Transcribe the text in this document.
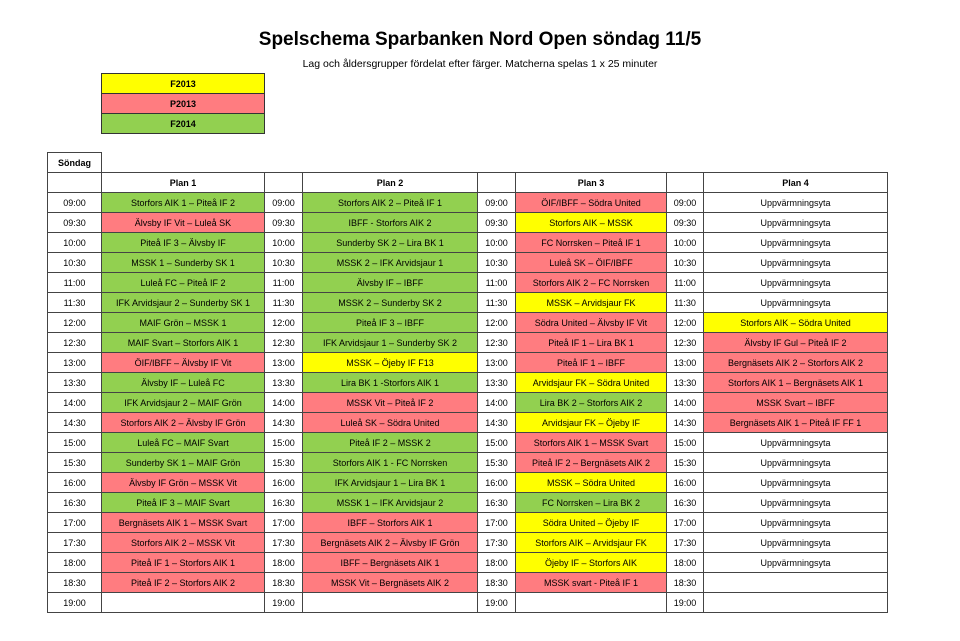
Spelschema Sparbanken Nord Open söndag 11/5
Lag och åldersgrupper fördelat efter färger. Matcherna spelas 1 x 25 minuter
F2013
P2013
F2014
Söndag							
	Plan 1		Plan 2		Plan 3		Plan 4
09:00	Storfors AIK 1 – Piteå IF 2	09:00	Storfors AIK 2 – Piteå IF 1	09:00	ÖIF/IBFF – Södra United	09:00	Uppvärmningsyta
09:30	Älvsby IF Vit – Luleå SK	09:30	IBFF - Storfors AIK 2	09:30	Storfors AIK – MSSK	09:30	Uppvärmningsyta
10:00	Piteå IF 3 – Älvsby IF	10:00	Sunderby SK 2 – Lira BK 1	10:00	FC Norrsken – Piteå IF 1	10:00	Uppvärmningsyta
10:30	MSSK 1 – Sunderby SK 1	10:30	MSSK 2 – IFK Arvidsjaur 1	10:30	Luleå SK – ÖIF/IBFF	10:30	Uppvärmningsyta
11:00	Luleå FC – Piteå IF 2	11:00	Älvsby IF – IBFF	11:00	Storfors AIK 2 – FC Norrsken	11:00	Uppvärmningsyta
11:30	IFK Arvidsjaur 2 – Sunderby SK 1	11:30	MSSK 2 – Sunderby SK 2	11:30	MSSK – Arvidsjaur FK	11:30	Uppvärmningsyta
12:00	MAIF Grön – MSSK 1	12:00	Piteå IF 3 – IBFF	12:00	Södra United – Älvsby IF Vit	12:00	Storfors AIK – Södra United
12:30	MAIF Svart – Storfors AIK 1	12:30	IFK Arvidsjaur 1 – Sunderby SK 2	12:30	Piteå IF 1 – Lira BK 1	12:30	Älvsby IF Gul – Piteå IF 2
13:00	ÖIF/IBFF – Älvsby IF Vit	13:00	MSSK – Öjeby IF F13	13:00	Piteå IF 1 – IBFF	13:00	Bergnäsets AIK 2 – Storfors AIK 2
13:30	Älvsby IF – Luleå FC	13:30	Lira BK 1 -Storfors AIK 1	13:30	Arvidsjaur FK – Södra United	13:30	Storfors AIK 1 – Bergnäsets AIK 1
14:00	IFK Arvidsjaur 2 – MAIF Grön	14:00	MSSK Vit – Piteå IF 2	14:00	Lira BK 2 – Storfors AIK 2	14:00	MSSK Svart – IBFF
14:30	Storfors AIK 2 – Älvsby IF Grön	14:30	Luleå SK – Södra United	14:30	Arvidsjaur FK – Öjeby IF	14:30	Bergnäsets AIK 1 – Piteå IF FF 1
15:00	Luleå FC – MAIF Svart	15:00	Piteå IF 2 – MSSK 2	15:00	Storfors AIK 1 – MSSK Svart	15:00	Uppvärmningsyta
15:30	Sunderby SK 1 – MAIF Grön	15:30	Storfors AIK 1 - FC Norrsken	15:30	Piteå IF 2 – Bergnäsets AIK 2	15:30	Uppvärmningsyta
16:00	Älvsby IF Grön – MSSK Vit	16:00	IFK Arvidsjaur 1 – Lira BK 1	16:00	MSSK – Södra United	16:00	Uppvärmningsyta
16:30	Piteå IF 3 – MAIF Svart	16:30	MSSK 1 – IFK Arvidsjaur 2	16:30	FC Norrsken – Lira BK 2	16:30	Uppvärmningsyta
17:00	Bergnäsets AIK 1 – MSSK Svart	17:00	IBFF – Storfors AIK 1	17:00	Södra United – Öjeby IF	17:00	Uppvärmningsyta
17:30	Storfors AIK 2 – MSSK Vit	17:30	Bergnäsets AIK 2 – Älvsby IF Grön	17:30	Storfors AIK – Arvidsjaur FK	17:30	Uppvärmningsyta
18:00	Piteå IF 1 – Storfors AIK 1	18:00	IBFF – Bergnäsets AIK 1	18:00	Öjeby IF – Storfors AIK	18:00	Uppvärmningsyta
18:30	Piteå IF 2 – Storfors AIK 2	18:30	MSSK Vit – Bergnäsets AIK 2	18:30	MSSK svart - Piteå IF 1	18:30	
19:00		19:00		19:00		19:00	
